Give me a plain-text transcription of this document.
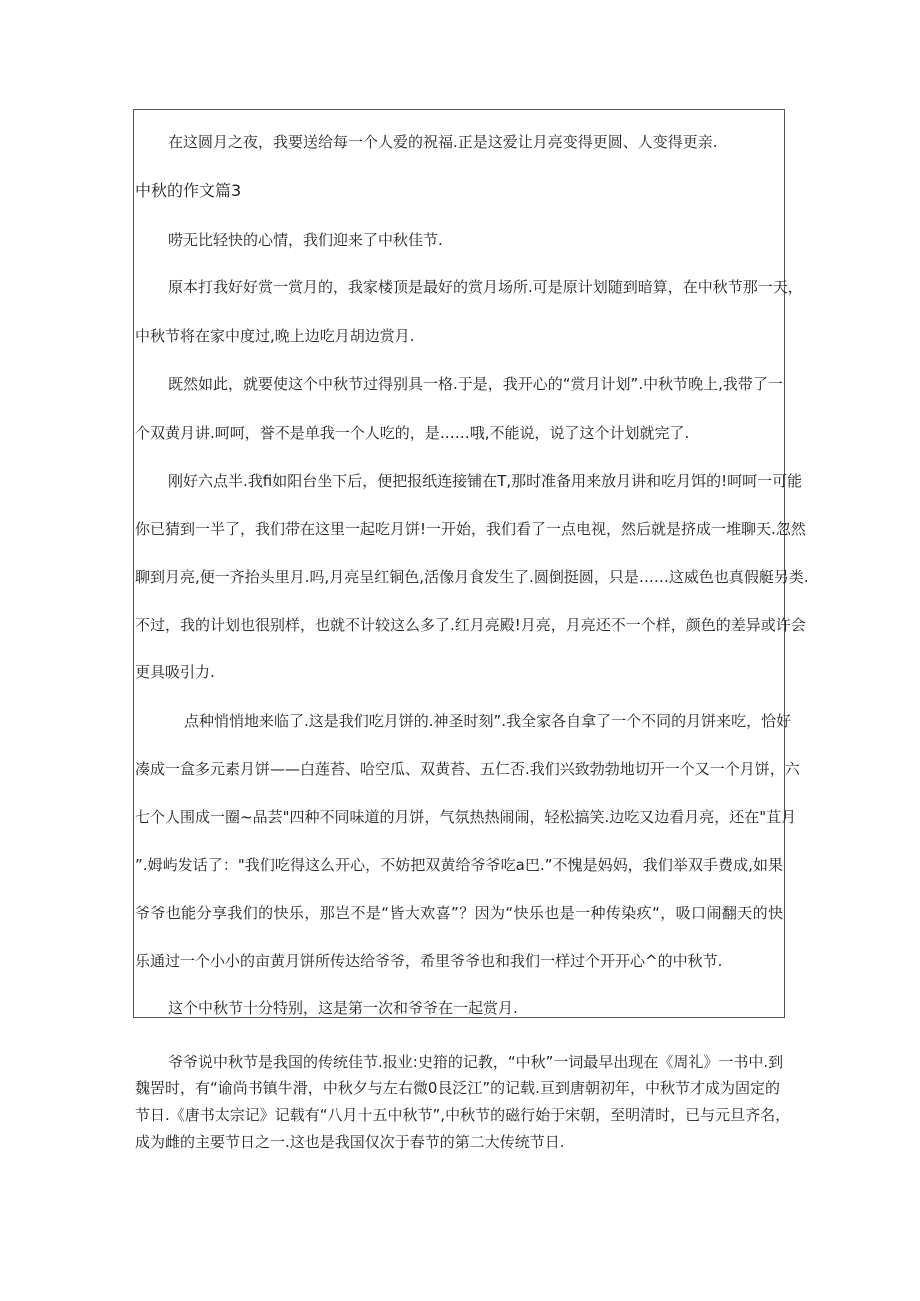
在这圆月之夜，我要送给每一个人爱的祝福.正是这爱让月亮变得更圆、人变得更亲.
中秋的作文篇3
唠无比轻快的心情，我们迎来了中秋佳节.
原本打我好好赏一赏月的，我家楼顶是最好的赏月场所.可是原计划随到暗算，在中秋节那一天，
中秋节将在家中度过,晚上边吃月胡边赏月.
既然如此，就要使这个中秋节过得别具一格.于是，我开心的“赏月计划”.中秋节晚上,我带了一
个双黄月讲.呵呵，誉不是单我一个人吃的，是……哦,不能说，说了这个计划就完了.
刚好六点半.我fi如阳台坐下后，便把报纸连接铺在T,那时准备用来放月讲和吃月饵的!呵呵一可能
你已猜到一半了，我们带在这里一起吃月饼!一开始，我们看了一点电视，然后就是挤成一堆聊天.忽然
聊到月亮,便一齐抬头里月.吗,月亮呈红铜色,活像月食发生了.圆倒挺圆，只是……这威色也真假艇另类.
不过，我的计划也很别样，也就不计较这么多了.红月亮殿!月亮，月亮还不一个样，颜色的差异或许会
更具吸引力.
点种悄悄地来临了.这是我们吃月饼的.神圣时刻”.我全家各自拿了一个不同的月饼来吃，恰好
凑成一盒多元素月饼——白莲苔、哈空瓜、双黄苔、五仁否.我们兴致勃勃地切开一个又一个月饼，六
七个人围成一圈~品芸"四种不同味道的月饼，气氛热热闹闹，轻松搞笑.边吃又边看月亮，还在"苴月
”.姆屿发话了："我们吃得这么开心，不妨把双黄给爷爷吃a巴.”不愧是妈妈，我们举双手费成,如果
爷爷也能分享我们的快乐，那岂不是“皆大欢喜”？因为“快乐也是一种传染疚“，吸口闹翻天的快
乐通过一个小小的亩黄月饼所传达给爷爷，希里爷爷也和我们一样过个开开心^的中秋节.
这个中秋节十分特别，这是第一次和爷爷在一起赏月.
爷爷说中秋节是我国的传统佳节.报业:史箝的记教，“中秋”一词最早出现在《周礼》一书中.到
魏罟时，有“谕尚书镇牛滑，中秋夕与左右微0艮泛江”的记载.亘到唐朝初年，中秋节才成为固定的
节日.《唐书太宗记》记载有“八月十五中秋节”,中秋节的磁行始于宋朝，至明清时，已与元旦齐名，
成为雌的主要节日之一.这也是我国仅次于春节的第二大传统节日.
